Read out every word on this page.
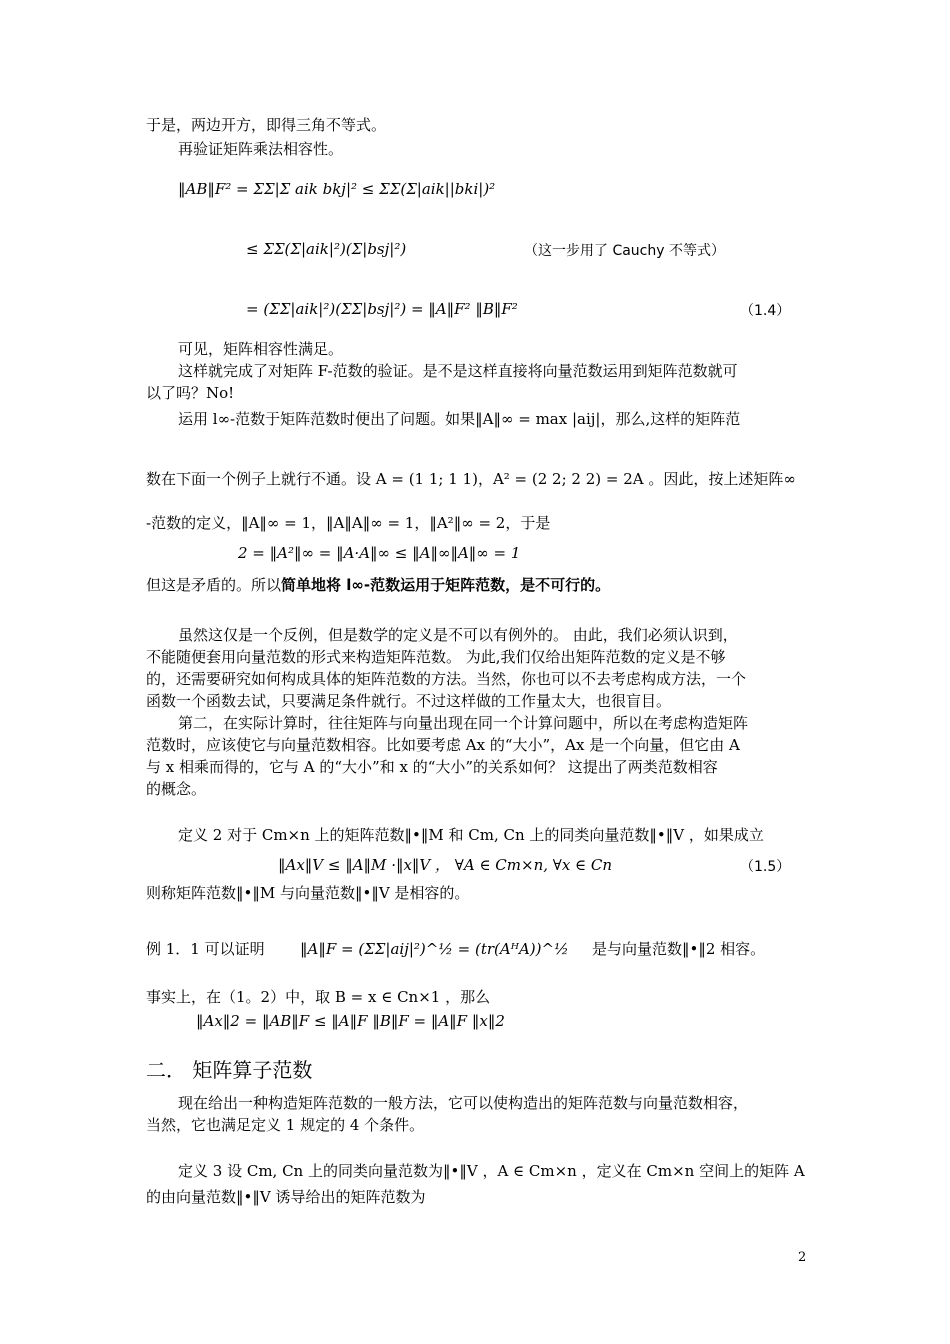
于是，两边开方，即得三角不等式。
再验证矩阵乘法相容性。
‖AB‖F² = ΣΣ|Σ aik bkj|² ≤ ΣΣ(Σ|aik||bki|)²
≤ ΣΣ(Σ|aik|²)(Σ|bsj|²)	（这一步用了 Cauchy 不等式）
= (ΣΣ|aik|²)(ΣΣ|bsj|²) = ‖A‖F² ‖B‖F²	（1.4）
可见，矩阵相容性满足。
这样就完成了对矩阵 F-范数的验证。是不是这样直接将向量范数运用到矩阵范数就可
以了吗？No!
运用 l∞-范数于矩阵范数时便出了问题。如果‖A‖∞ = max |aij|，那么,这样的矩阵范
数在下面一个例子上就行不通。设 A = (1 1; 1 1)，A² = (2 2; 2 2) = 2A 。因此，按上述矩阵∞
-范数的定义，‖A‖∞ = 1，‖A‖A‖∞ = 1，‖A²‖∞ = 2，于是
2 = ‖A²‖∞ = ‖A·A‖∞ ≤ ‖A‖∞‖A‖∞ = 1
但这是矛盾的。所以简单地将 l∞-范数运用于矩阵范数，是不可行的。
虽然这仅是一个反例，但是数学的定义是不可以有例外的。 由此，我们必须认识到，
不能随便套用向量范数的形式来构造矩阵范数。 为此,我们仅给出矩阵范数的定义是不够
的，还需要研究如何构成具体的矩阵范数的方法。当然，你也可以不去考虑构成方法，一个
函数一个函数去试，只要满足条件就行。不过这样做的工作量太大，也很盲目。
第二，在实际计算时，往往矩阵与向量出现在同一个计算问题中，所以在考虑构造矩阵
范数时，应该使它与向量范数相容。比如要考虑 Ax 的“大小”，Ax 是一个向量，但它由 A
与 x 相乘而得的，它与 A 的“大小”和 x 的“大小”的关系如何？ 这提出了两类范数相容
的概念。
定义 2 对于 Cm×n 上的矩阵范数‖•‖M 和 Cm, Cn 上的同类向量范数‖•‖V ，如果成立
‖Ax‖V ≤ ‖A‖M ·‖x‖V ， ∀A ∈ Cm×n, ∀x ∈ Cn	（1.5）
则称矩阵范数‖•‖M 与向量范数‖•‖V 是相容的。
例 1．1 可以证明	‖A‖F = (ΣΣ|aij|²)^½ = (tr(AᴴA))^½ 是与向量范数‖•‖2 相容。
事实上，在（1。2）中，取 B = x ∈ Cn×1 ，那么
‖Ax‖2 = ‖AB‖F ≤ ‖A‖F ‖B‖F = ‖A‖F ‖x‖2
二． 矩阵算子范数
现在给出一种构造矩阵范数的一般方法，它可以使构造出的矩阵范数与向量范数相容，
当然，它也满足定义 1 规定的 4 个条件。
定义 3 设 Cm, Cn 上的同类向量范数为‖•‖V ，A ∈ Cm×n ，定义在 Cm×n 空间上的矩阵 A
的由向量范数‖•‖V 诱导给出的矩阵范数为
2
